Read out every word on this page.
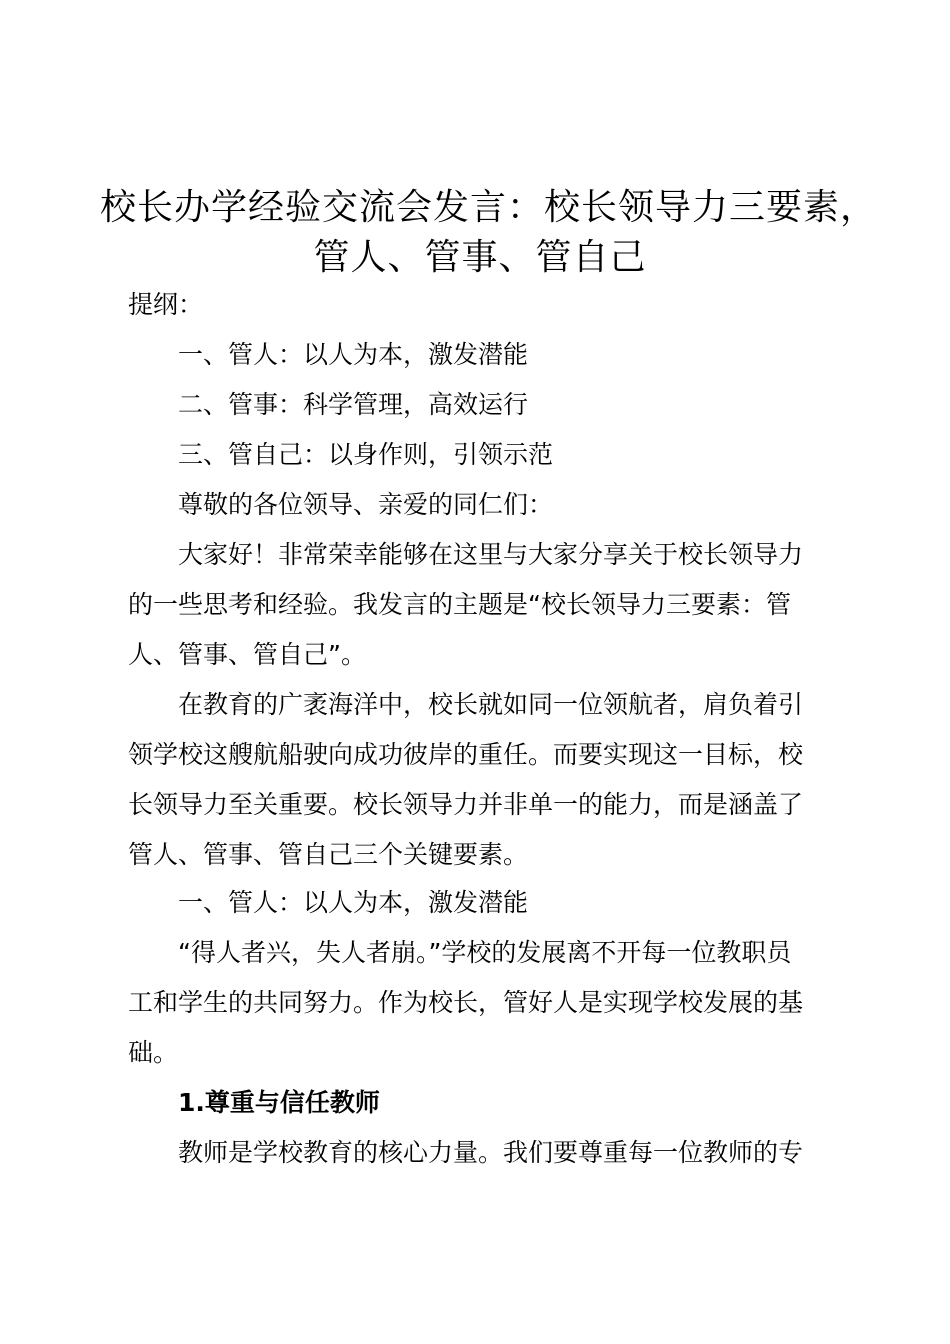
校长办学经验交流会发言：校长领导力三要素，
管人、管事、管自己
提纲：
一、管人：以人为本，激发潜能
二、管事：科学管理，高效运行
三、管自己：以身作则，引领示范
尊敬的各位领导、亲爱的同仁们：
大家好！非常荣幸能够在这里与大家分享关于校长领导力
的一些思考和经验。我发言的主题是“校长领导力三要素：管
人、管事、管自己”。
在教育的广袤海洋中，校长就如同一位领航者，肩负着引
领学校这艘航船驶向成功彼岸的重任。而要实现这一目标，校
长领导力至关重要。校长领导力并非单一的能力，而是涵盖了
管人、管事、管自己三个关键要素。
一、管人：以人为本，激发潜能
“得人者兴，失人者崩。”学校的发展离不开每一位教职员
工和学生的共同努力。作为校长，管好人是实现学校发展的基
础。
1.尊重与信任教师
教师是学校教育的核心力量。我们要尊重每一位教师的专
